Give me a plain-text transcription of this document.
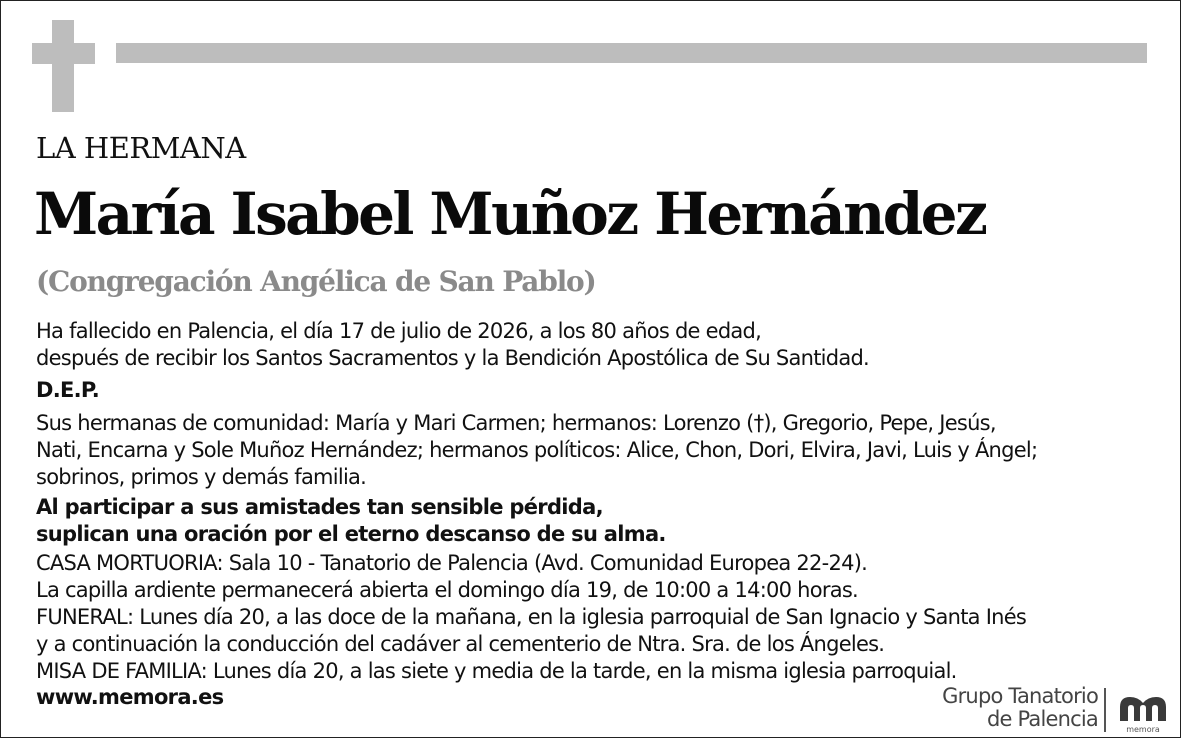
LA HERMANA
María Isabel Muñoz Hernández
(Congregación Angélica de San Pablo)
Ha fallecido en Palencia, el día 17 de julio de 2026, a los 80 años de edad,
después de recibir los Santos Sacramentos y la Bendición Apostólica de Su Santidad.
D.E.P.
Sus hermanas de comunidad: María y Mari Carmen; hermanos: Lorenzo (†), Gregorio, Pepe, Jesús,
Nati, Encarna y Sole Muñoz Hernández; hermanos políticos: Alice, Chon, Dori, Elvira, Javi, Luis y Ángel;
sobrinos, primos y demás familia.
Al participar a sus amistades tan sensible pérdida,
suplican una oración por el eterno descanso de su alma.
CASA MORTUORIA: Sala 10 - Tanatorio de Palencia (Avd. Comunidad Europea 22-24).
La capilla ardiente permanecerá abierta el domingo día 19, de 10:00 a 14:00 horas.
FUNERAL: Lunes día 20, a las doce de la mañana, en la iglesia parroquial de San Ignacio y Santa Inés
y a continuación la conducción del cadáver al cementerio de Ntra. Sra. de los Ángeles.
MISA DE FAMILIA: Lunes día 20, a las siete y media de la tarde, en la misma iglesia parroquial.
www.memora.es	Grupo Tanatorio
de Palencia	memora
